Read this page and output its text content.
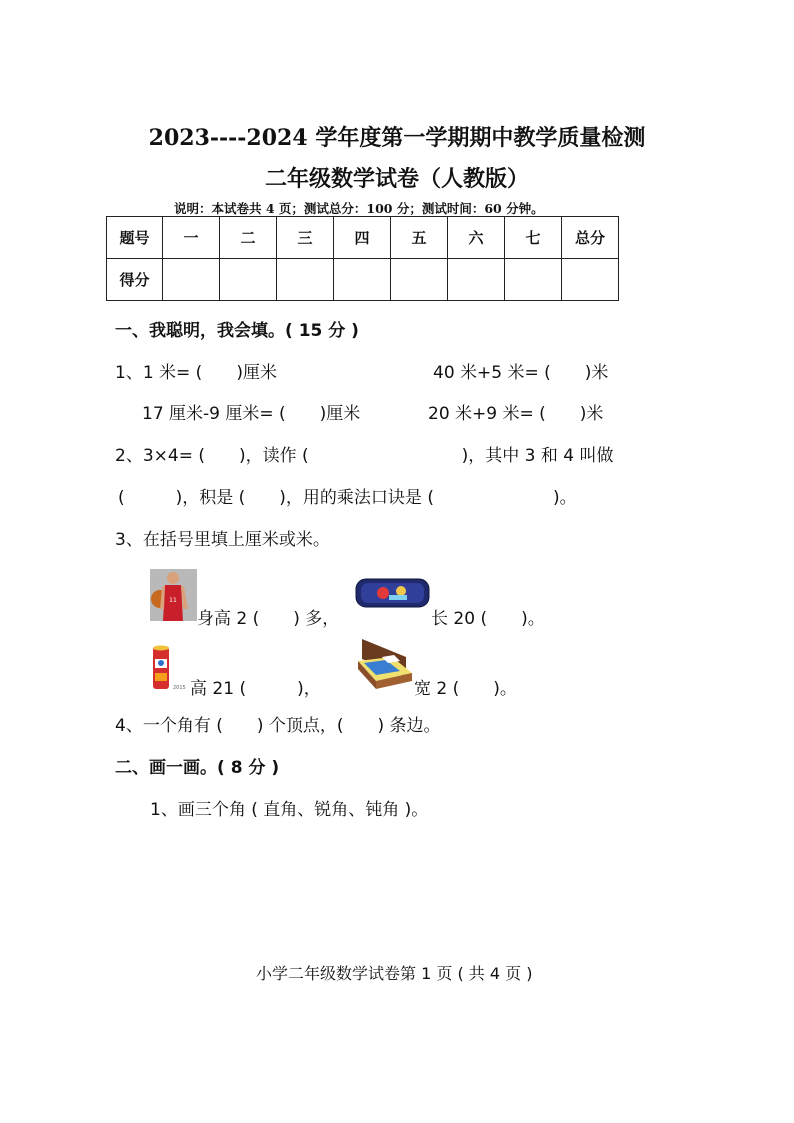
2023----2024 学年度第一学期期中教学质量检测
二年级数学试卷（人教版）
说明：本试卷共 4 页；测试总分：100 分；测试时间：60 分钟。
题号	一	二	三	四	五	六	七	总分
得分								
一、我聪明，我会填。( 15 分 )
1、1 米= (　　)厘米	40 米+5 米= (　　)米
17 厘米-9 厘米= (　　)厘米	20 米+9 米= (　　)米
2、3×4= (　　)，读作 (　　　　　　　　　)，其中 3 和 4 叫做
(　　　)，积是 (　　)，用的乘法口诀是 (　　　　　　　)。
3、在括号里填上厘米或米。
11
身高 2 (　　) 多，	长 20 (　　)。
2015 高 21 (　　　)，	宽 2 (　　)。
4、一个角有 (　　) 个顶点，(　　) 条边。
二、画一画。( 8 分 )
1、画三个角 ( 直角、锐角、钝角 )。
小学二年级数学试卷第 1 页 ( 共 4 页 )
